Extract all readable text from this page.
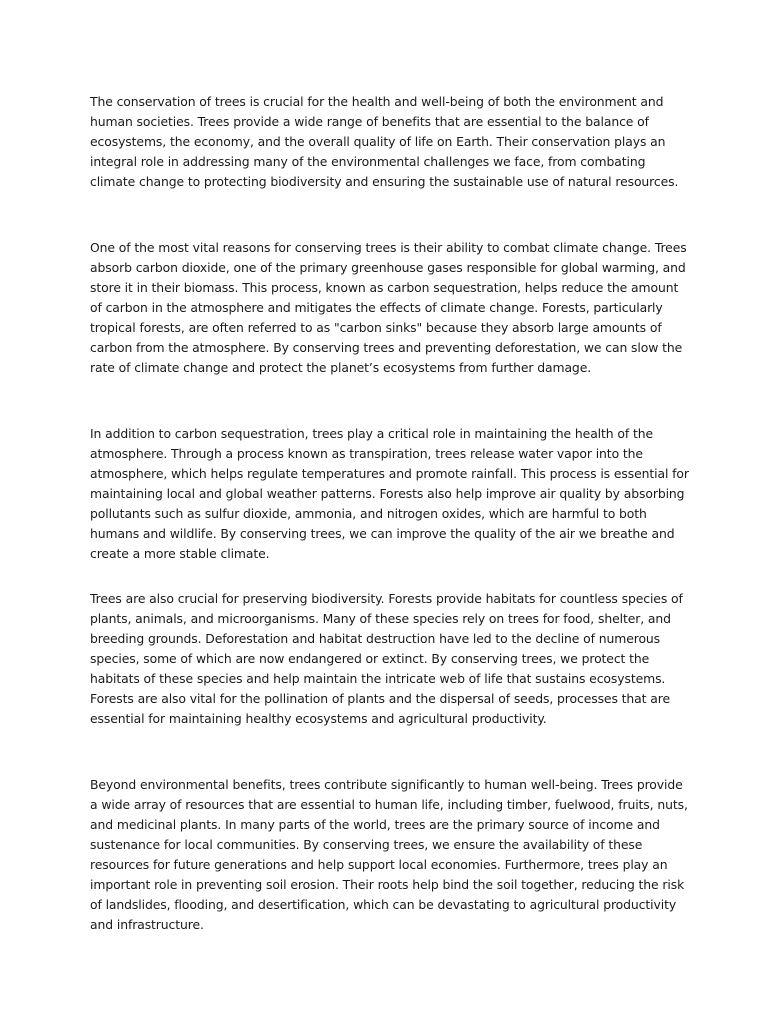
The conservation of trees is crucial for the health and well-being of both the environment and human societies. Trees provide a wide range of benefits that are essential to the balance of ecosystems, the economy, and the overall quality of life on Earth. Their conservation plays an integral role in addressing many of the environmental challenges we face, from combating climate change to protecting biodiversity and ensuring the sustainable use of natural resources.

One of the most vital reasons for conserving trees is their ability to combat climate change. Trees absorb carbon dioxide, one of the primary greenhouse gases responsible for global warming, and store it in their biomass. This process, known as carbon sequestration, helps reduce the amount of carbon in the atmosphere and mitigates the effects of climate change. Forests, particularly tropical forests, are often referred to as "carbon sinks" because they absorb large amounts of carbon from the atmosphere. By conserving trees and preventing deforestation, we can slow the rate of climate change and protect the planet’s ecosystems from further damage.

In addition to carbon sequestration, trees play a critical role in maintaining the health of the atmosphere. Through a process known as transpiration, trees release water vapor into the atmosphere, which helps regulate temperatures and promote rainfall. This process is essential for maintaining local and global weather patterns. Forests also help improve air quality by absorbing pollutants such as sulfur dioxide, ammonia, and nitrogen oxides, which are harmful to both humans and wildlife. By conserving trees, we can improve the quality of the air we breathe and create a more stable climate.

Trees are also crucial for preserving biodiversity. Forests provide habitats for countless species of plants, animals, and microorganisms. Many of these species rely on trees for food, shelter, and breeding grounds. Deforestation and habitat destruction have led to the decline of numerous species, some of which are now endangered or extinct. By conserving trees, we protect the habitats of these species and help maintain the intricate web of life that sustains ecosystems. Forests are also vital for the pollination of plants and the dispersal of seeds, processes that are essential for maintaining healthy ecosystems and agricultural productivity.

Beyond environmental benefits, trees contribute significantly to human well-being. Trees provide a wide array of resources that are essential to human life, including timber, fuelwood, fruits, nuts, and medicinal plants. In many parts of the world, trees are the primary source of income and sustenance for local communities. By conserving trees, we ensure the availability of these resources for future generations and help support local economies. Furthermore, trees play an important role in preventing soil erosion. Their roots help bind the soil together, reducing the risk of landslides, flooding, and desertification, which can be devastating to agricultural productivity and infrastructure.
